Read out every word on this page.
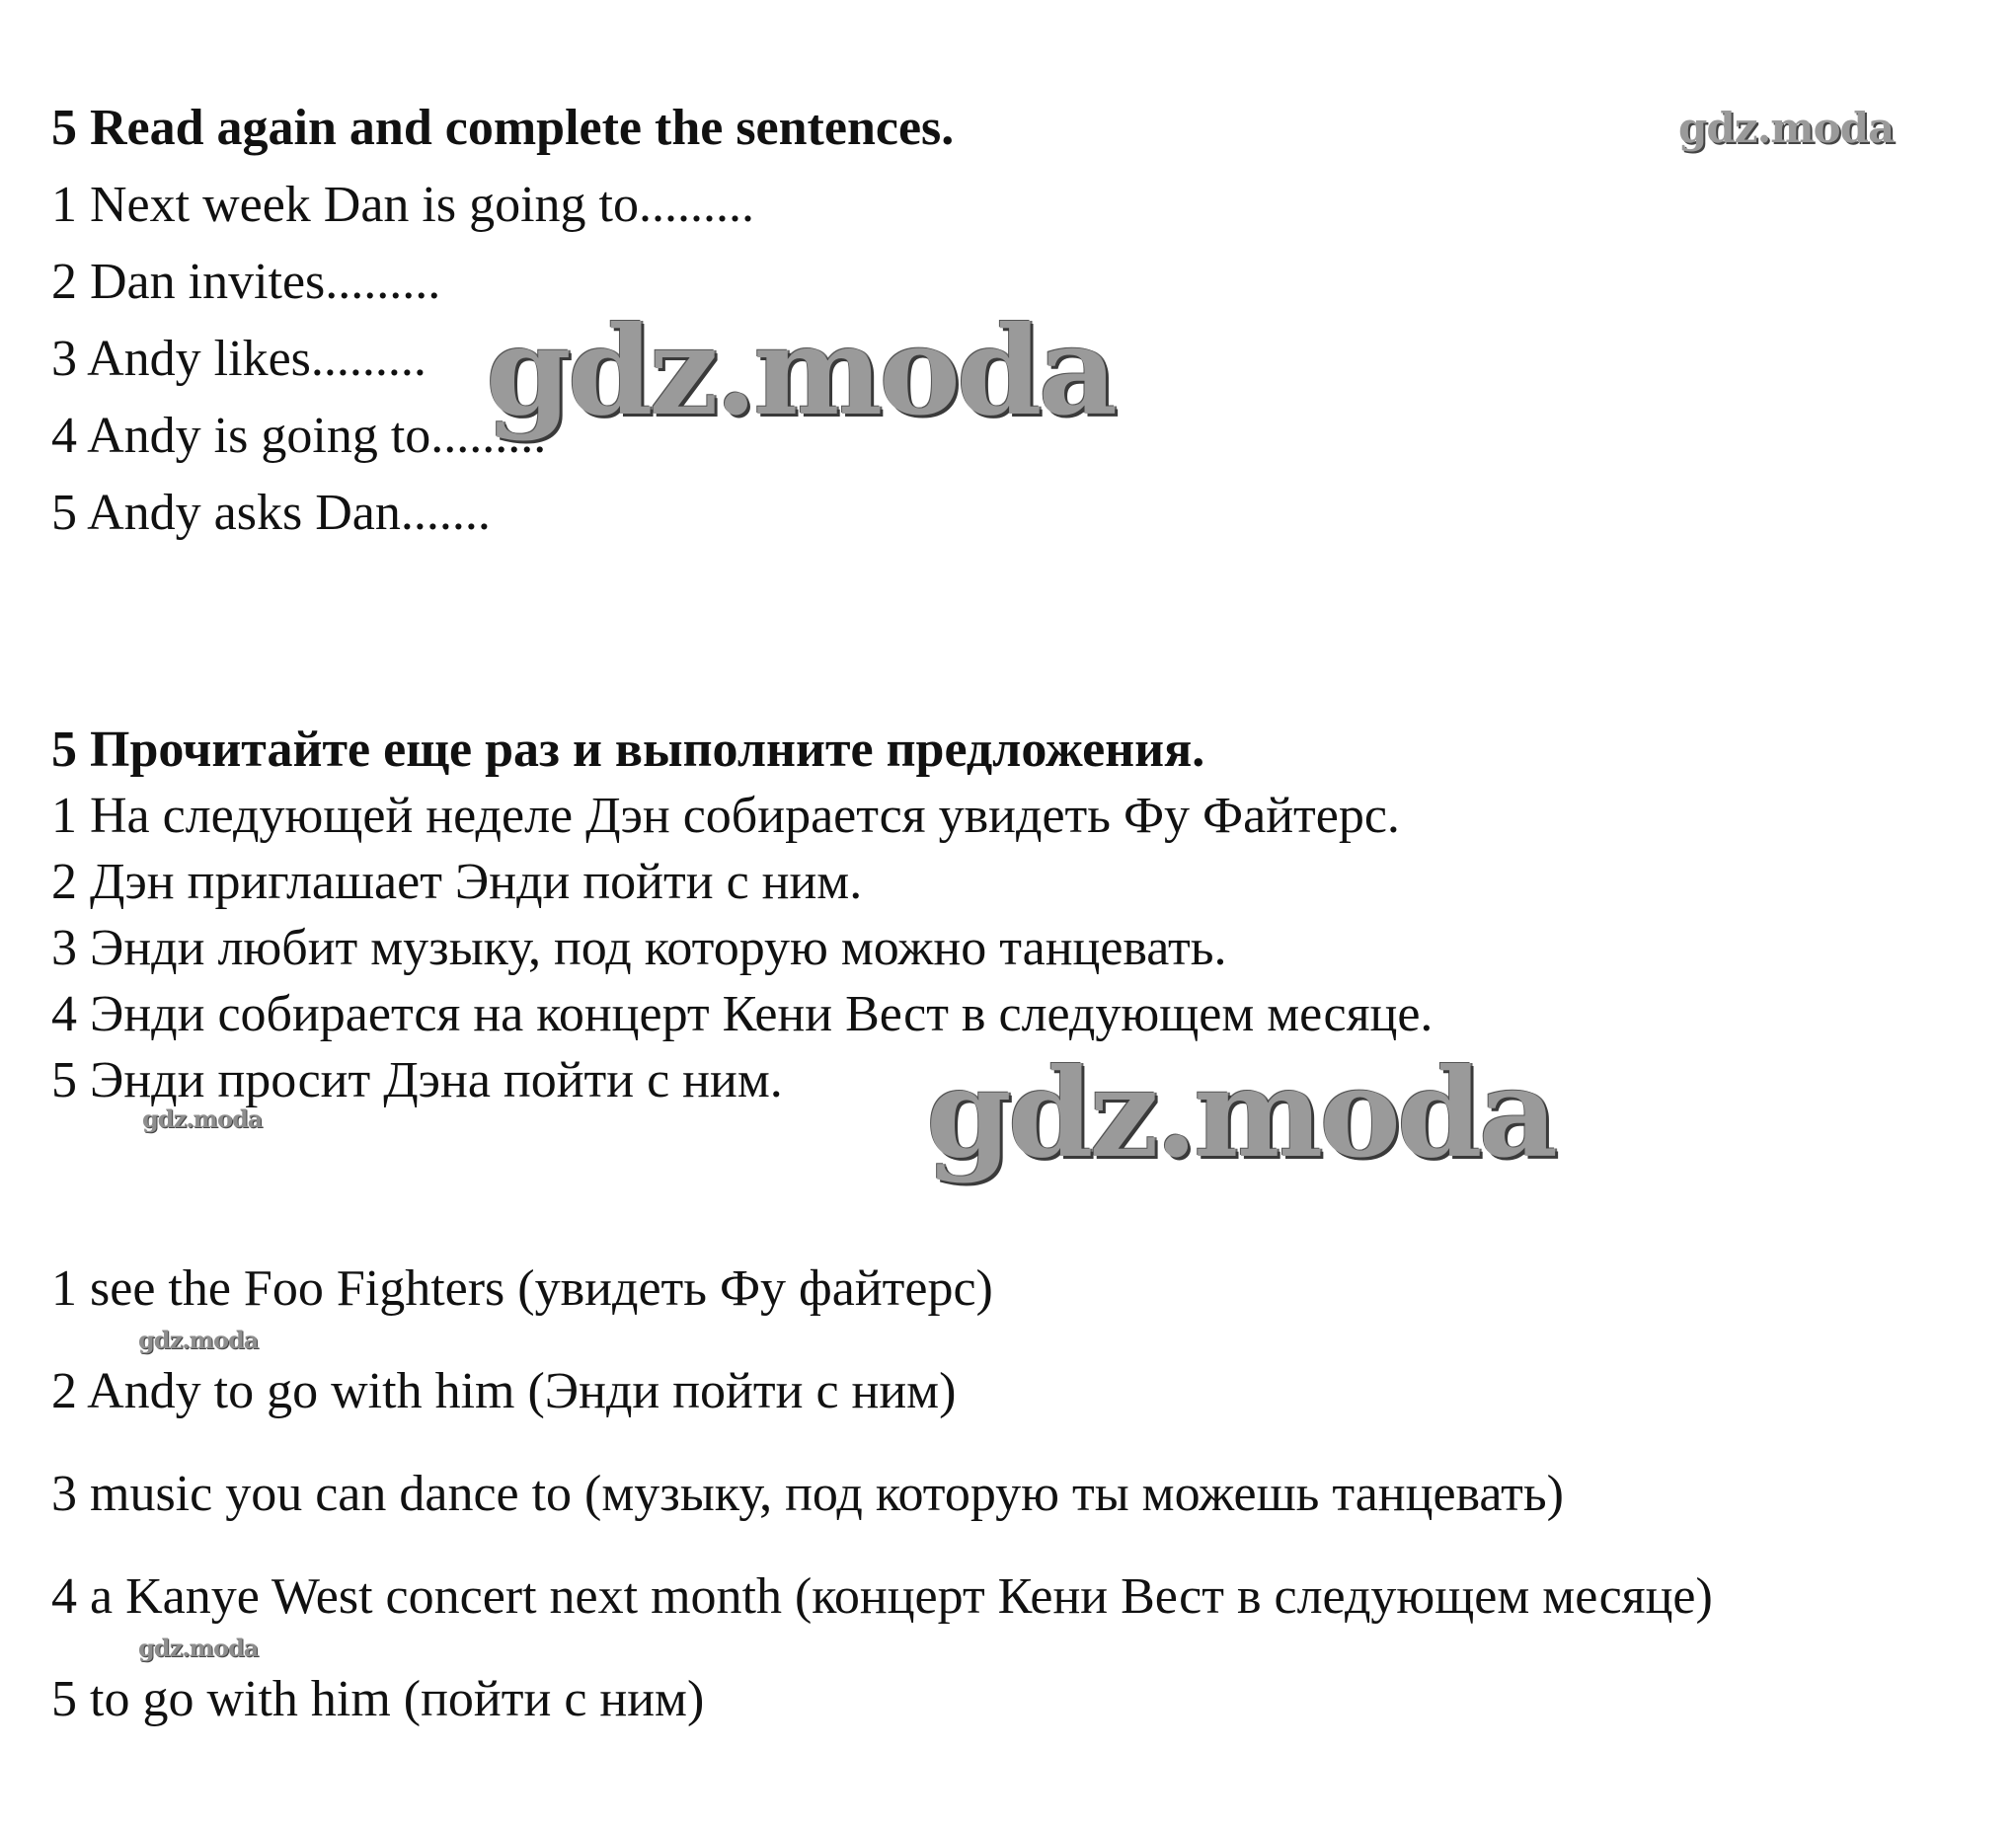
5 Read again and complete the sentences.
1 Next week Dan is going to.........
2 Dan invites.........
3 Andy likes.........
4 Andy is going to.........
5 Andy asks Dan.......
5 Прочитайте еще раз и выполните предложения.
1 На следующей неделе Дэн собирается увидеть Фу Файтерс.
2 Дэн приглашает Энди пойти с ним.
3 Энди любит музыку, под которую можно танцевать.
4 Энди собирается на концерт Кени Вест в следующем месяце.
5 Энди просит Дэна пойти с ним.
1 see the Foo Fighters (увидеть Фу файтерс)
2 Andy to go with him (Энди пойти с ним)
3 music you can dance to (музыку, под которую ты можешь танцевать)
4 a Kanye West concert next month (концерт Кени Вест в следующем месяце)
5 to go with him (пойти с ним)
gdz.moda
gdz.moda
gdz.moda
gdz.moda
gdz.moda
gdz.moda
